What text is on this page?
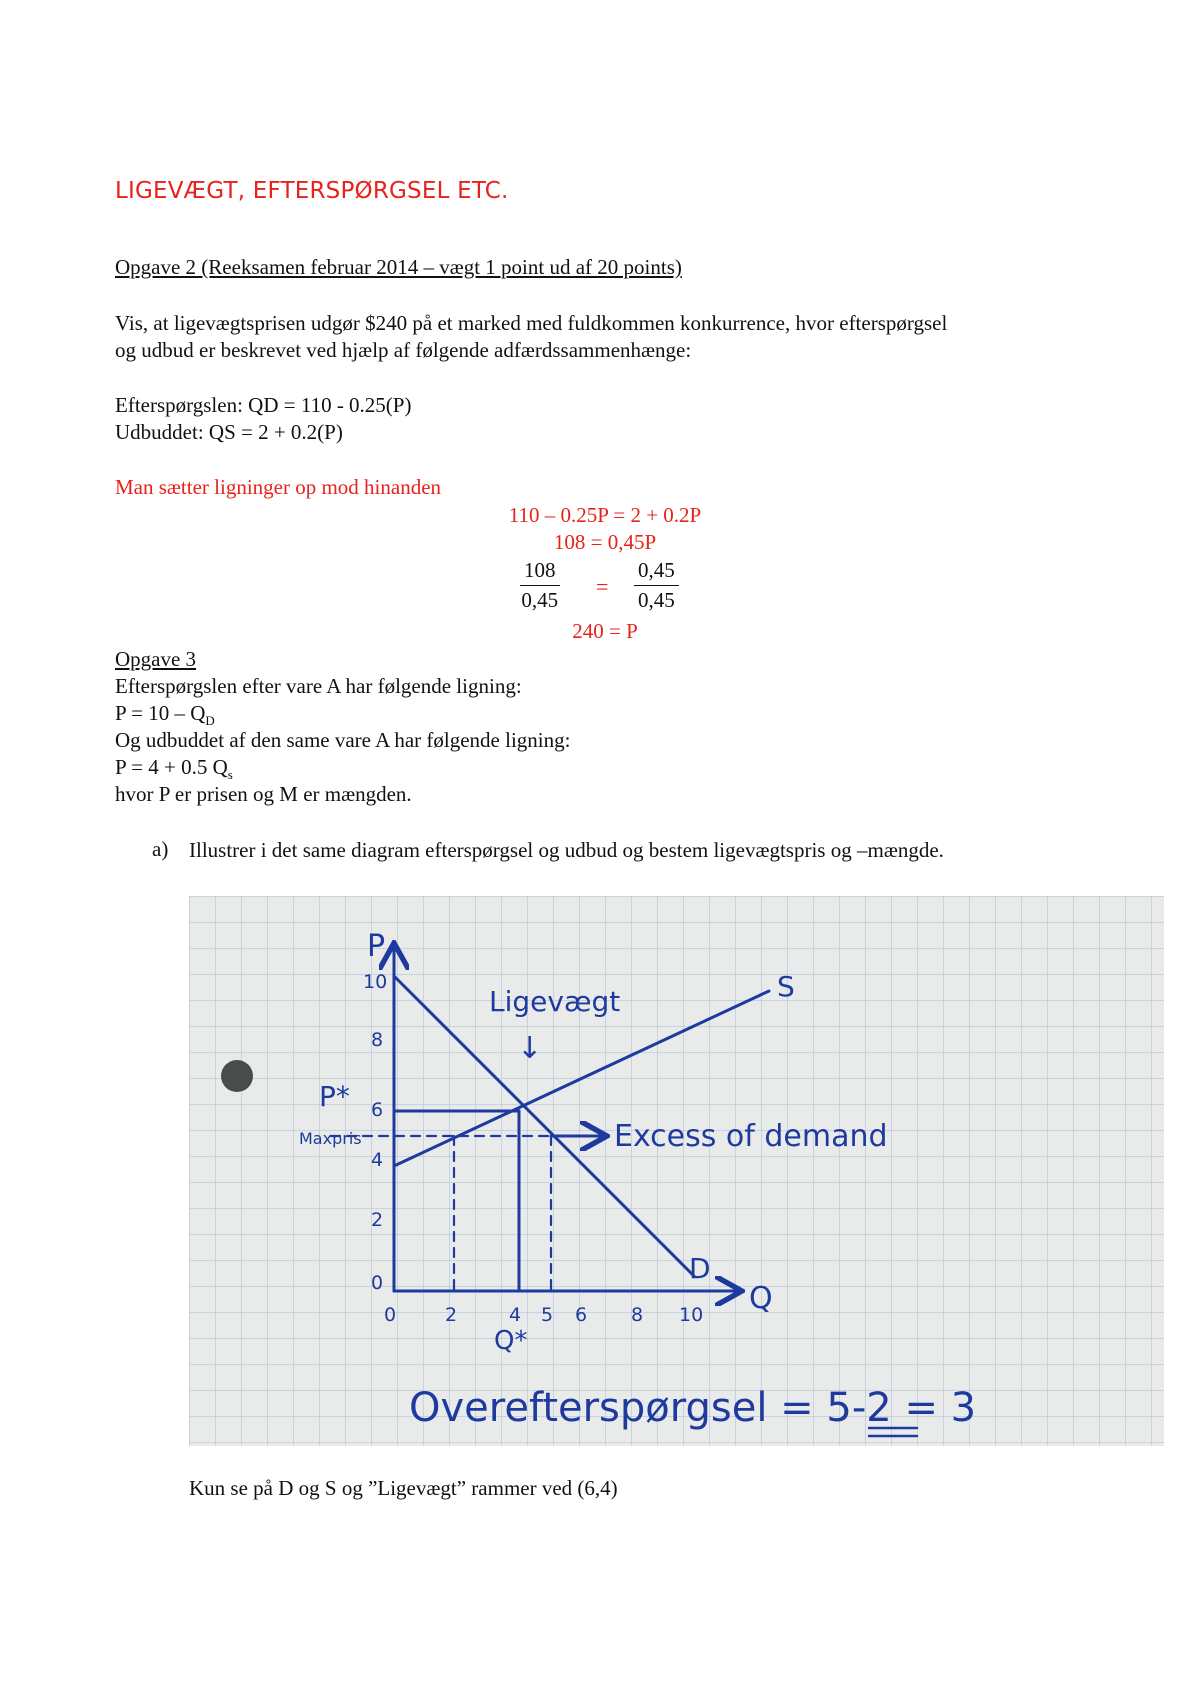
LIGEVÆGT, EFTERSPØRGSEL ETC.
Opgave 2 (Reeksamen februar 2014 – vægt 1 point ud af 20 points)
Vis, at ligevægtsprisen udgør $240 på et marked med fuldkommen konkurrence, hvor efterspørgsel
og udbud er beskrevet ved hjælp af følgende adfærdssammenhænge:
Efterspørgslen: QD = 110 - 0.25(P)
Udbuddet: QS = 2 + 0.2(P)
Man sætter ligninger op mod hinanden
110 – 0.25P = 2 + 0.2P
108 = 0,45P
$\frac{108}{0,45} = \frac{0,45}{0,45}$
240 = P
Opgave 3
Efterspørgslen efter vare A har følgende ligning:
$P = 10 - Q_D$
Og udbuddet af den same vare A har følgende ligning:
P = 4 + 0.5 $Q_s$
hvor P er prisen og M er mængden.
a) Illustrer i det same diagram efterspørgsel og udbud og bestem ligevægtspris og –mængde.
P
Q
10
8
6
4
2
0
0	2	4 5 6 8 10
S
D
Ligevægt
↓
Excess of demand
P*
Maxpris
Q*
Overefterspørgsel = 5-2 = 3
Kun se på D og S og ”Ligevægt” rammer ved (6,4)
